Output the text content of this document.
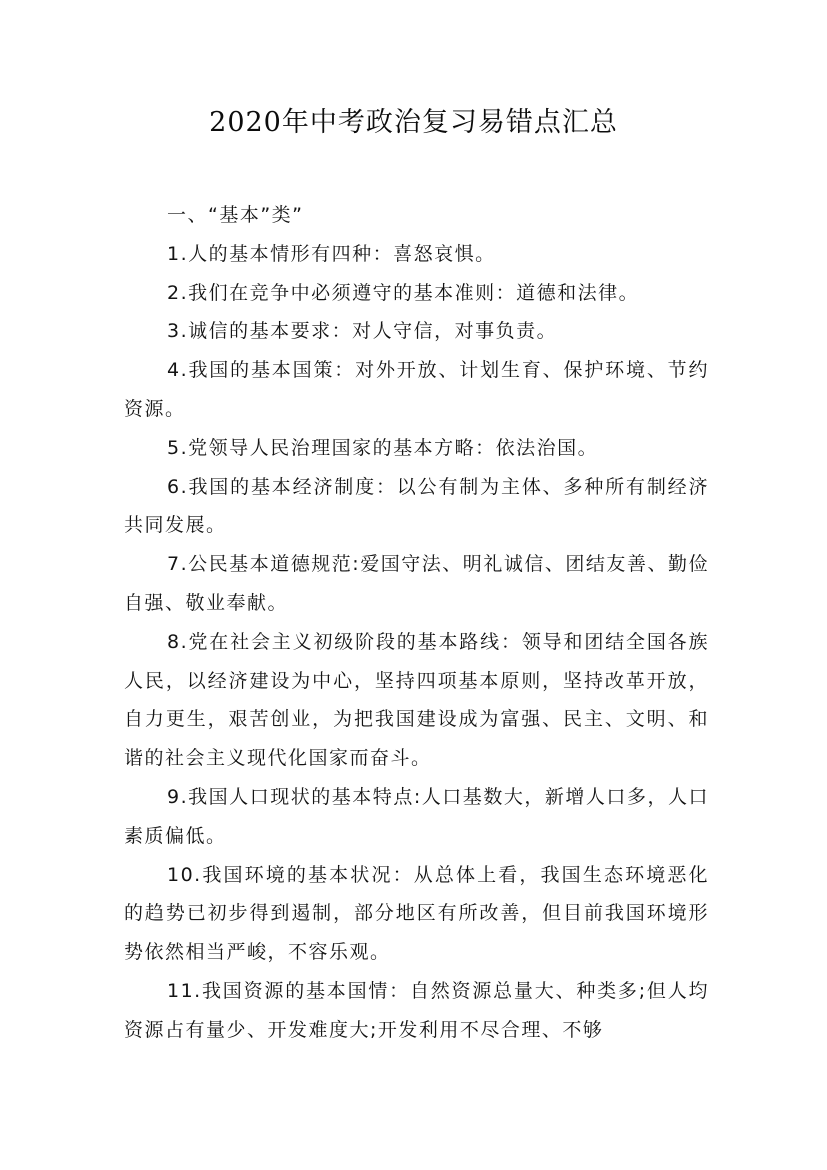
2020年中考政治复习易错点汇总

一、“基本”类”

1.人的基本情形有四种：喜怒哀惧。

2.我们在竞争中必须遵守的基本准则：道德和法律。

3.诚信的基本要求：对人守信，对事负责。

4.我国的基本国策：对外开放、计划生育、保护环境、节约资源。

5.党领导人民治理国家的基本方略：依法治国。

6.我国的基本经济制度：以公有制为主体、多种所有制经济共同发展。

7.公民基本道德规范:爱国守法、明礼诚信、团结友善、勤俭自强、敬业奉献。

8.党在社会主义初级阶段的基本路线：领导和团结全国各族人民，以经济建设为中心，坚持四项基本原则，坚持改革开放，自力更生，艰苦创业，为把我国建设成为富强、民主、文明、和谐的社会主义现代化国家而奋斗。

9.我国人口现状的基本特点:人口基数大，新增人口多，人口素质偏低。

10.我国环境的基本状况：从总体上看，我国生态环境恶化的趋势已初步得到遏制，部分地区有所改善，但目前我国环境形势依然相当严峻，不容乐观。

11.我国资源的基本国情：自然资源总量大、种类多;但人均资源占有量少、开发难度大;开发利用不尽合理、不够
